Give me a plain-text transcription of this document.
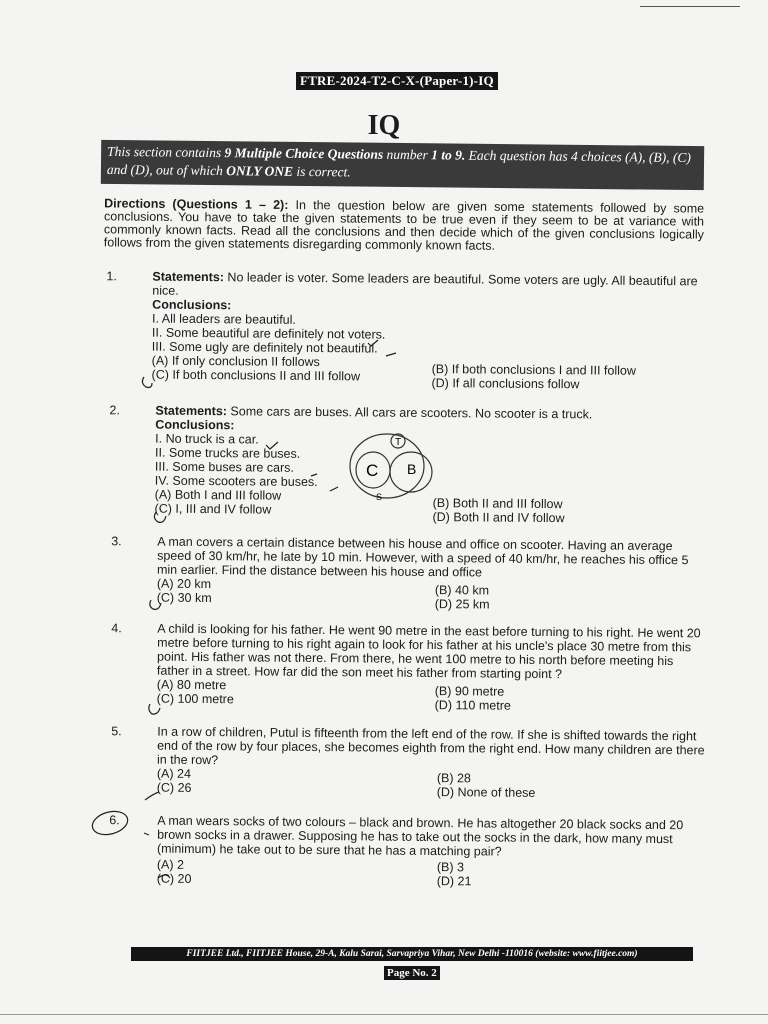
FTRE-2024-T2-C-X-(Paper-1)-IQ
IQ
This section contains 9 Multiple Choice Questions number 1 to 9. Each question has 4 choices (A), (B), (C) and (D), out of which ONLY ONE is correct.
Directions (Questions 1 – 2): In the question below are given some statements followed by some conclusions. You have to take the given statements to be true even if they seem to be at variance with commonly known facts. Read all the conclusions and then decide which of the given conclusions logically follows from the given statements disregarding commonly known facts.
1.	Statements: No leader is voter. Some leaders are beautiful. Some voters are ugly. All beautiful are nice.
Conclusions:
I. All leaders are beautiful.
II. Some beautiful are definitely not voters.
III. Some ugly are definitely not beautiful.
(A) If only conclusion II follows
(B) If both conclusions I and III follow
(C) If both conclusions II and III follow
(D) If all conclusions follow
2.	Statements: Some cars are buses. All cars are scooters. No scooter is a truck.
Conclusions:
I. No truck is a car.
II. Some trucks are buses.
III. Some buses are cars.
IV. Some scooters are buses.
(A) Both I and III follow
(B) Both II and III follow
(C) I, III and IV follow
(D) Both II and IV follow
T
C B
S
3.	A man covers a certain distance between his house and office on scooter. Having an average speed of 30 km/hr, he late by 10 min. However, with a speed of 40 km/hr, he reaches his office 5 min earlier. Find the distance between his house and office
(A) 20 km	(B) 40 km
(C) 30 km	(D) 25 km
4.	A child is looking for his father. He went 90 metre in the east before turning to his right. He went 20 metre before turning to his right again to look for his father at his uncle's place 30 metre from this point. His father was not there. From there, he went 100 metre to his north before meeting his father in a street. How far did the son meet his father from starting point ?
(A) 80 metre	(B) 90 metre
(C) 100 metre	(D) 110 metre
5.	In a row of children, Putul is fifteenth from the left end of the row. If she is shifted towards the right end of the row by four places, she becomes eighth from the right end. How many children are there in the row?
(A) 24	(B) 28
(C) 26	(D) None of these
6.	A man wears socks of two colours – black and brown. He has altogether 20 black socks and 20 brown socks in a drawer. Supposing he has to take out the socks in the dark, how many must (minimum) he take out to be sure that he has a matching pair?
(A) 2	(B) 3
(C) 20	(D) 21
FIITJEE Ltd., FIITJEE House, 29-A, Kalu Sarai, Sarvapriya Vihar, New Delhi -110016 (website: www.fiitjee.com)
Page No. 2
